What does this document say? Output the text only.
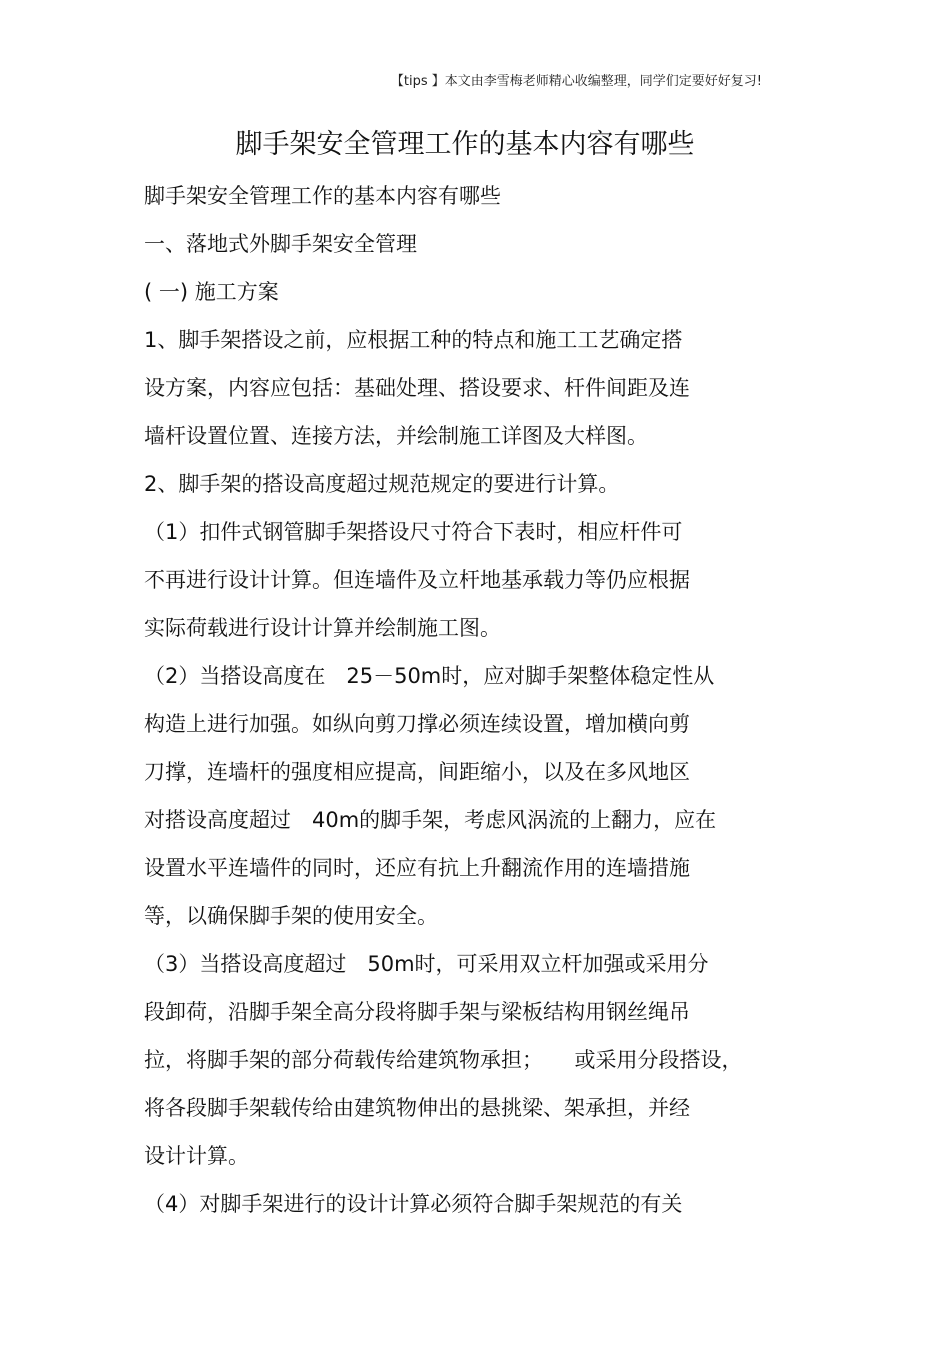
【tips 】本文由李雪梅老师精心收编整理，同学们定要好好复习!
脚手架安全管理工作的基本内容有哪些
脚手架安全管理工作的基本内容有哪些
一、落地式外脚手架安全管理
( 一) 施工方案
1、脚手架搭设之前，应根据工种的特点和施工工艺确定搭
设方案，内容应包括：基础处理、搭设要求、杆件间距及连
墙杆设置位置、连接方法，并绘制施工详图及大样图。
2、脚手架的搭设高度超过规范规定的要进行计算。
（1）扣件式钢管脚手架搭设尺寸符合下表时，相应杆件可
不再进行设计计算。但连墙件及立杆地基承载力等仍应根据
实际荷载进行设计计算并绘制施工图。
（2）当搭设高度在　25－50m时，应对脚手架整体稳定性从
构造上进行加强。如纵向剪刀撑必须连续设置，增加横向剪
刀撑，连墙杆的强度相应提高，间距缩小，以及在多风地区
对搭设高度超过　40m的脚手架，考虑风涡流的上翻力，应在
设置水平连墙件的同时，还应有抗上升翻流作用的连墙措施
等，以确保脚手架的使用安全。
（3）当搭设高度超过　50m时，可采用双立杆加强或采用分
段卸荷，沿脚手架全高分段将脚手架与梁板结构用钢丝绳吊
拉，将脚手架的部分荷载传给建筑物承担；　　或采用分段搭设，
将各段脚手架载传给由建筑物伸出的悬挑梁、架承担，并经
设计计算。
（4）对脚手架进行的设计计算必须符合脚手架规范的有关
